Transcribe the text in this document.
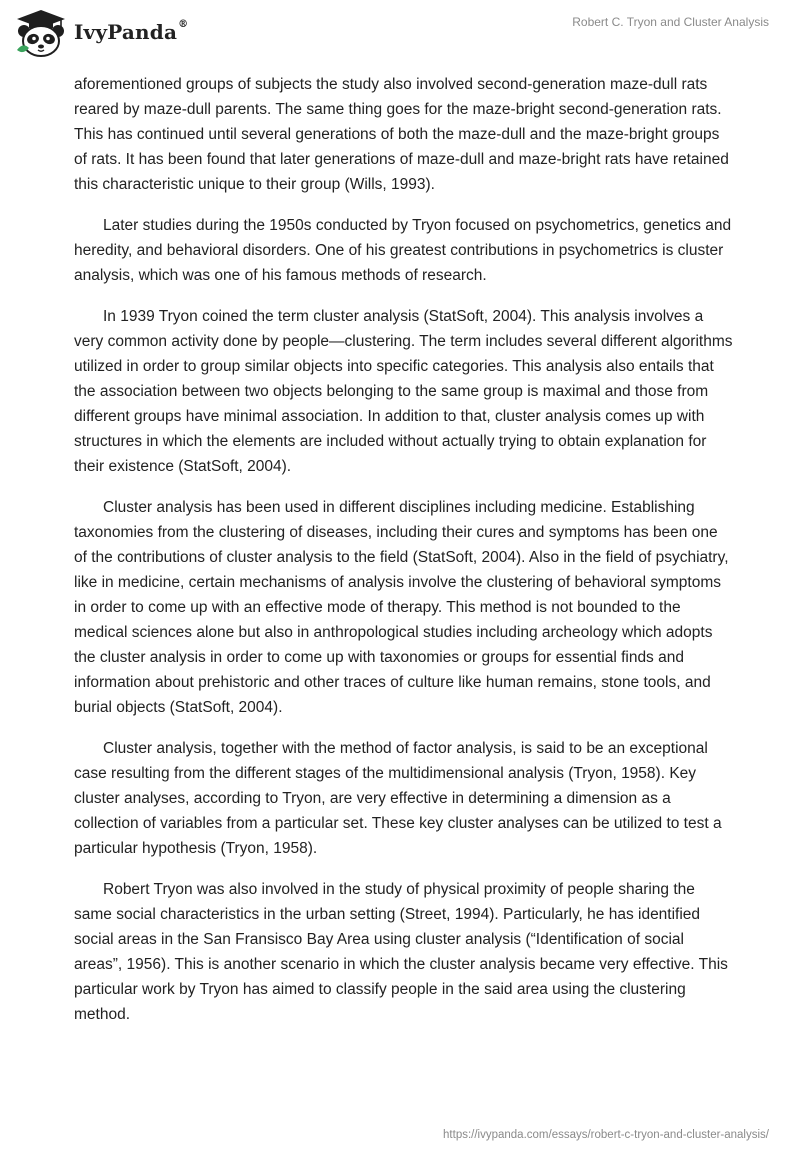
IvyPanda®	Robert C. Tryon and Cluster Analysis

aforementioned groups of subjects the study also involved second-generation maze-dull rats reared by maze-dull parents. The same thing goes for the maze-bright second-generation rats. This has continued until several generations of both the maze-dull and the maze-bright groups of rats. It has been found that later generations of maze-dull and maze-bright rats have retained this characteristic unique to their group (Wills, 1993).

Later studies during the 1950s conducted by Tryon focused on psychometrics, genetics and heredity, and behavioral disorders. One of his greatest contributions in psychometrics is cluster analysis, which was one of his famous methods of research.

In 1939 Tryon coined the term cluster analysis (StatSoft, 2004). This analysis involves a very common activity done by people—clustering. The term includes several different algorithms utilized in order to group similar objects into specific categories. This analysis also entails that the association between two objects belonging to the same group is maximal and those from different groups have minimal association. In addition to that, cluster analysis comes up with structures in which the elements are included without actually trying to obtain explanation for their existence (StatSoft, 2004).

Cluster analysis has been used in different disciplines including medicine. Establishing taxonomies from the clustering of diseases, including their cures and symptoms has been one of the contributions of cluster analysis to the field (StatSoft, 2004). Also in the field of psychiatry, like in medicine, certain mechanisms of analysis involve the clustering of behavioral symptoms in order to come up with an effective mode of therapy. This method is not bounded to the medical sciences alone but also in anthropological studies including archeology which adopts the cluster analysis in order to come up with taxonomies or groups for essential finds and information about prehistoric and other traces of culture like human remains, stone tools, and burial objects (StatSoft, 2004).

Cluster analysis, together with the method of factor analysis, is said to be an exceptional case resulting from the different stages of the multidimensional analysis (Tryon, 1958). Key cluster analyses, according to Tryon, are very effective in determining a dimension as a collection of variables from a particular set. These key cluster analyses can be utilized to test a particular hypothesis (Tryon, 1958).

Robert Tryon was also involved in the study of physical proximity of people sharing the same social characteristics in the urban setting (Street, 1994). Particularly, he has identified social areas in the San Fransisco Bay Area using cluster analysis (“Identification of social areas”, 1956). This is another scenario in which the cluster analysis became very effective. This particular work by Tryon has aimed to classify people in the said area using the clustering method.

https://ivypanda.com/essays/robert-c-tryon-and-cluster-analysis/
